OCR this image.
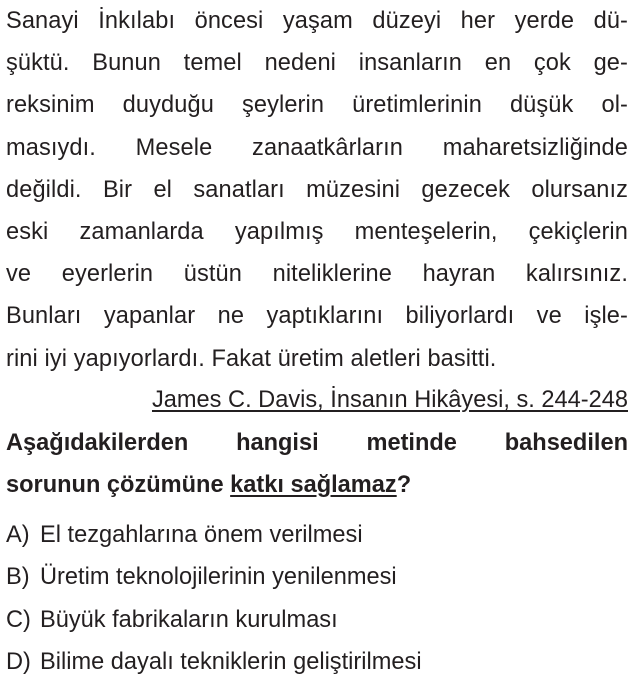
Sanayi İnkılabı öncesi yaşam düzeyi her yerde dü-
şüktü. Bunun temel nedeni insanların en çok ge-
reksinim duyduğu şeylerin üretimlerinin düşük ol-
masıydı. Mesele zanaatkârların maharetsizliğinde
değildi. Bir el sanatları müzesini gezecek olursanız
eski zamanlarda yapılmış menteşelerin, çekiçlerin
ve eyerlerin üstün niteliklerine hayran kalırsınız.
Bunları yapanlar ne yaptıklarını biliyorlardı ve işle-
rini iyi yapıyorlardı. Fakat üretim aletleri basitti.
James C. Davis, İnsanın Hikâyesi, s. 244-248
Aşağıdakilerden hangisi metinde bahsedilen
sorunun çözümüne katkı sağlamaz?
A) El tezgahlarına önem verilmesi
B) Üretim teknolojilerinin yenilenmesi
C) Büyük fabrikaların kurulması
D) Bilime dayalı tekniklerin geliştirilmesi
